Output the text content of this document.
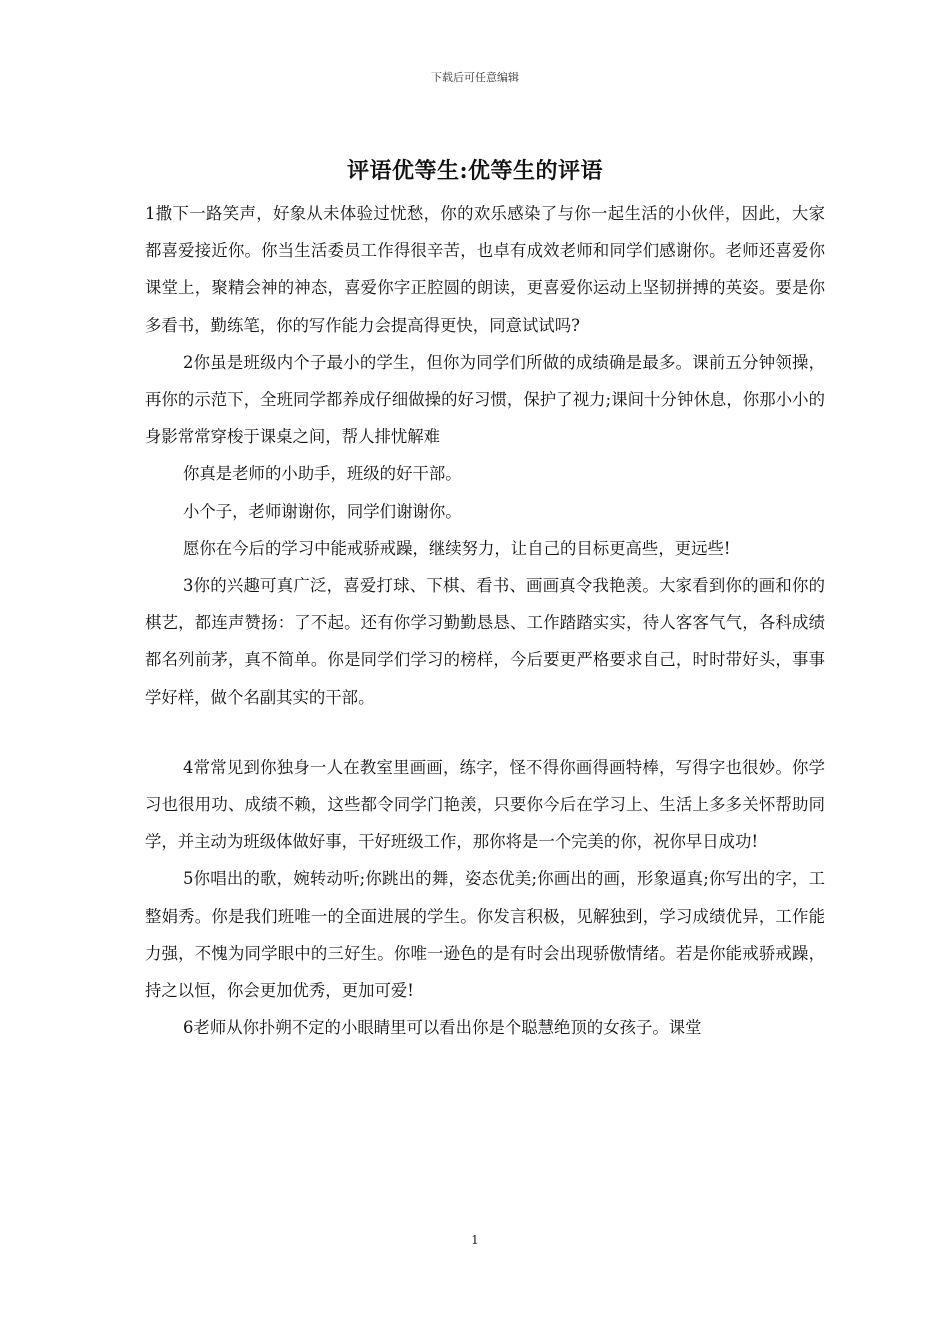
下载后可任意编辑
评语优等生:优等生的评语

1撒下一路笑声，好象从未体验过忧愁，你的欢乐感染了与你一起生活的小伙伴，因此，大家都喜爱接近你。你当生活委员工作得很辛苦，也卓有成效老师和同学们感谢你。老师还喜爱你课堂上，聚精会神的神态，喜爱你字正腔圆的朗读，更喜爱你运动上坚韧拼搏的英姿。要是你多看书，勤练笔，你的写作能力会提高得更快，同意试试吗?

2你虽是班级内个子最小的学生，但你为同学们所做的成绩确是最多。课前五分钟领操，再你的示范下，全班同学都养成仔细做操的好习惯，保护了视力;课间十分钟休息，你那小小的身影常常穿梭于课桌之间，帮人排忧解难

你真是老师的小助手，班级的好干部。

小个子，老师谢谢你，同学们谢谢你。

愿你在今后的学习中能戒骄戒躁，继续努力，让自己的目标更高些，更远些!

3你的兴趣可真广泛，喜爱打球、下棋、看书、画画真令我艳羡。大家看到你的画和你的棋艺，都连声赞扬：了不起。还有你学习勤勤恳恳、工作踏踏实实，待人客客气气，各科成绩都名列前茅，真不简单。你是同学们学习的榜样，今后要更严格要求自己，时时带好头，事事学好样，做个名副其实的干部。

4常常见到你独身一人在教室里画画，练字，怪不得你画得画特棒，写得字也很妙。你学习也很用功、成绩不赖，这些都令同学门艳羡，只要你今后在学习上、生活上多多关怀帮助同学，并主动为班级体做好事，干好班级工作，那你将是一个完美的你，祝你早日成功!

5你唱出的歌，婉转动听;你跳出的舞，姿态优美;你画出的画，形象逼真;你写出的字，工整娟秀。你是我们班唯一的全面进展的学生。你发言积极，见解独到，学习成绩优异，工作能力强，不愧为同学眼中的三好生。你唯一逊色的是有时会出现骄傲情绪。若是你能戒骄戒躁，持之以恒，你会更加优秀，更加可爱!

6老师从你扑朔不定的小眼睛里可以看出你是个聪慧绝顶的女孩子。课堂

1
